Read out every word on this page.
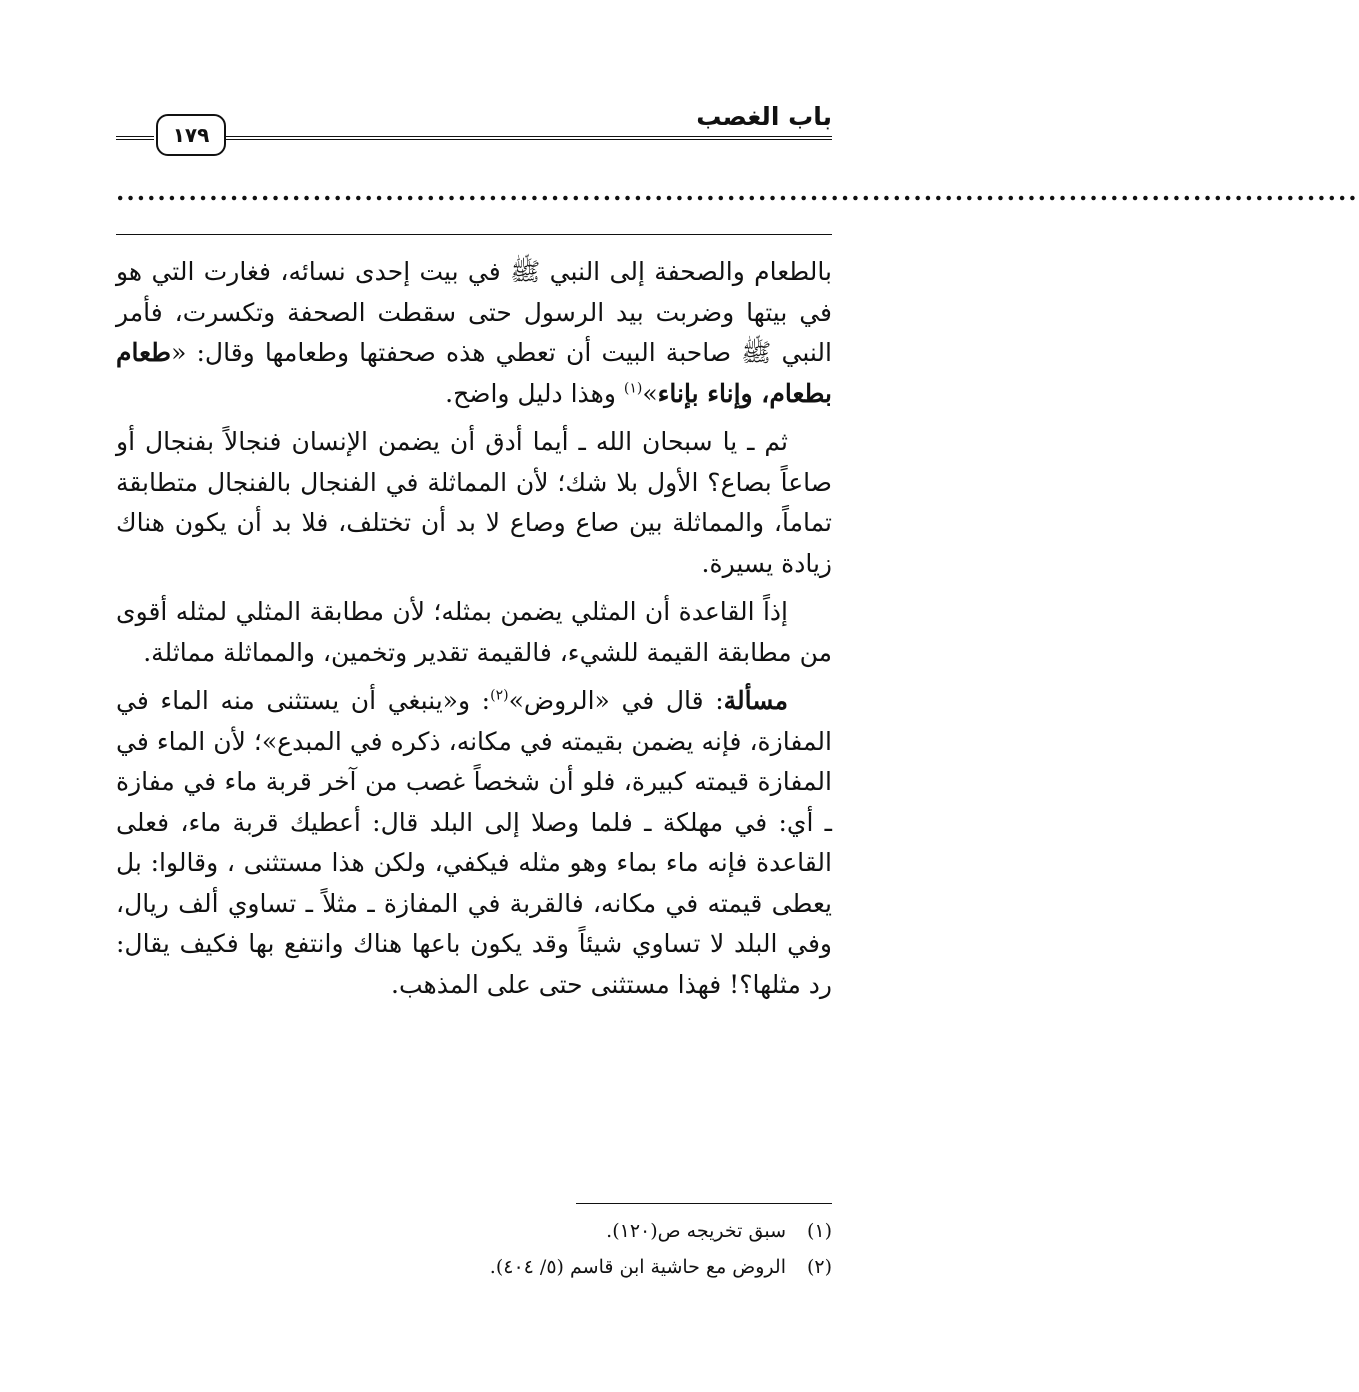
باب الغصب
١٧٩
........................................................................................................................

بالطعام والصحفة إلى النبي ﷺ في بيت إحدى نسائه، فغارت التي هو في بيتها وضربت بيد الرسول حتى سقطت الصحفة وتكسرت، فأمر النبي ﷺ صاحبة البيت أن تعطي هذه صحفتها وطعامها وقال: «طعام بطعام، وإناء بإناء»$^{(١)}$ وهذا دليل واضح.

ثم ـ يا سبحان الله ـ أيما أدق أن يضمن الإنسان فنجالاً بفنجال أو صاعاً بصاع؟ الأول بلا شك؛ لأن المماثلة في الفنجال بالفنجال متطابقة تماماً، والمماثلة بين صاع وصاع لا بد أن تختلف، فلا بد أن يكون هناك زيادة يسيرة.

إذاً القاعدة أن المثلي يضمن بمثله؛ لأن مطابقة المثلي لمثله أقوى من مطابقة القيمة للشيء، فالقيمة تقدير وتخمين، والمماثلة مماثلة.

مسألة: قال في «الروض»$^{(٢)}$: و«ينبغي أن يستثنى منه الماء في المفازة، فإنه يضمن بقيمته في مكانه، ذكره في المبدع»؛ لأن الماء في المفازة قيمته كبيرة، فلو أن شخصاً غصب من آخر قربة ماء في مفازة ـ أي: في مهلكة ـ فلما وصلا إلى البلد قال: أعطيك قربة ماء، فعلى القاعدة فإنه ماء بماء وهو مثله فيكفي، ولكن هذا مستثنى ، وقالوا: بل يعطى قيمته في مكانه، فالقربة في المفازة ـ مثلاً ـ تساوي ألف ريال، وفي البلد لا تساوي شيئاً وقد يكون باعها هناك وانتفع بها فكيف يقال: رد مثلها؟! فهذا مستثنى حتى على المذهب.

(١)سبق تخريجه ص(١٢٠).
(٢)الروض مع حاشية ابن قاسم (٥/ ٤٠٤).
